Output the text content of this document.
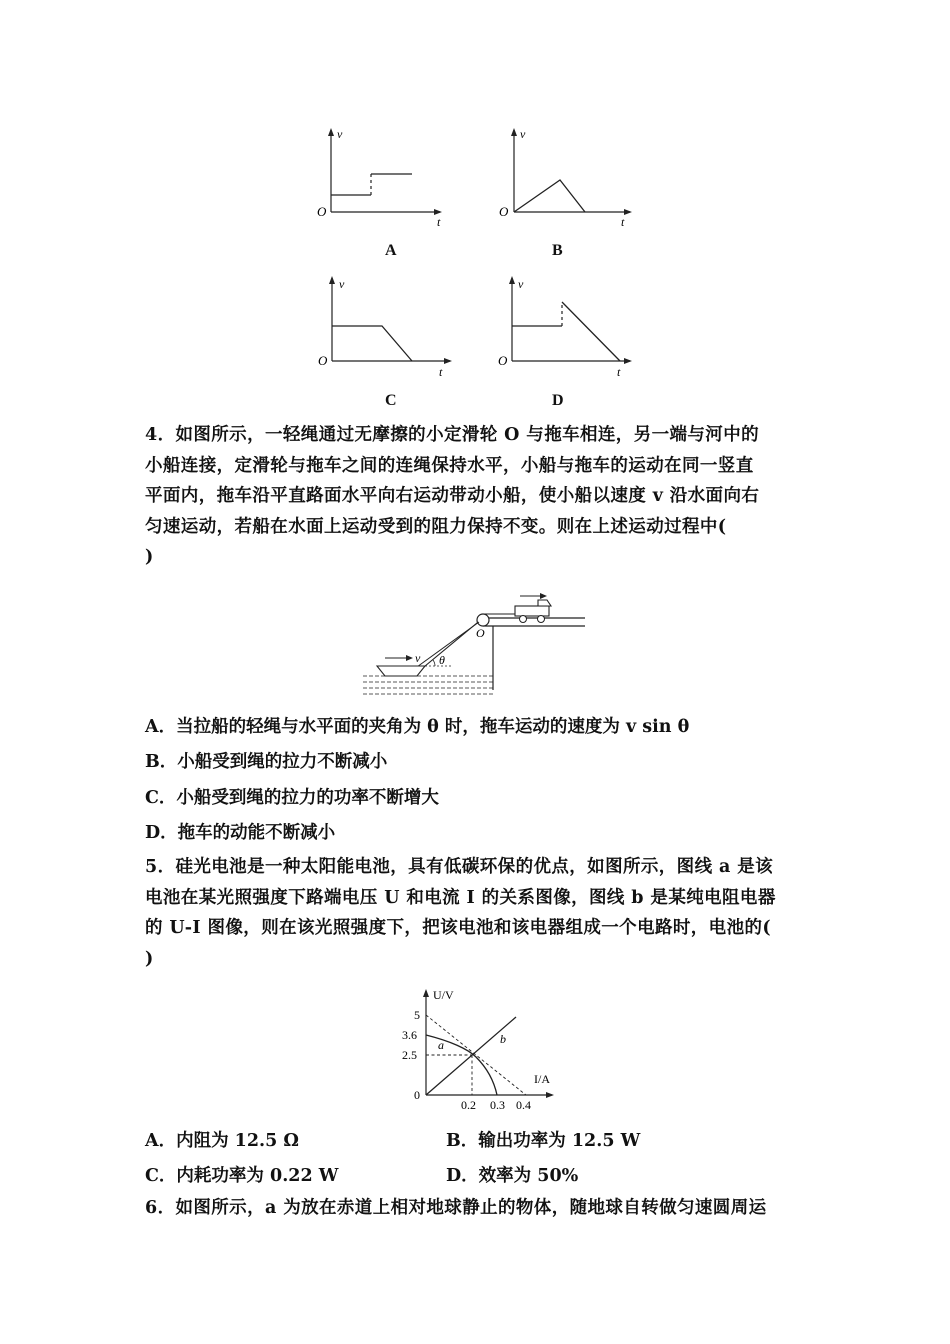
v
t
O
v
t
O
A	B
v
t
O
v
t
O
C	D
4．如图所示，一轻绳通过无摩擦的小定滑轮 O 与拖车相连，另一端与河中的
小船连接，定滑轮与拖车之间的连绳保持水平，小船与拖车的运动在同一竖直
平面内，拖车沿平直路面水平向右运动带动小船，使小船以速度 v 沿水面向右
匀速运动，若船在水面上运动受到的阻力保持不变。则在上述运动过程中(
)
O
v θ
A．当拉船的轻绳与水平面的夹角为 θ 时，拖车运动的速度为 v sin θ
B．小船受到绳的拉力不断减小
C．小船受到绳的拉力的功率不断增大
D．拖车的动能不断减小
5．硅光电池是一种太阳能电池，具有低碳环保的优点，如图所示，图线 a 是该
电池在某光照强度下路端电压 U 和电流 I 的关系图像，图线 b 是某纯电阻电器
的 U-I 图像，则在该光照强度下，把该电池和该电器组成一个电路时，电池的(
)
U/V
I/A
5
3.6
2.5
0
0.2 0.3 0.4
a	b
A．内阻为 12.5 Ω	B．输出功率为 12.5 W
C．内耗功率为 0.22 W	D．效率为 50%
6．如图所示，a 为放在赤道上相对地球静止的物体，随地球自转做匀速圆周运
